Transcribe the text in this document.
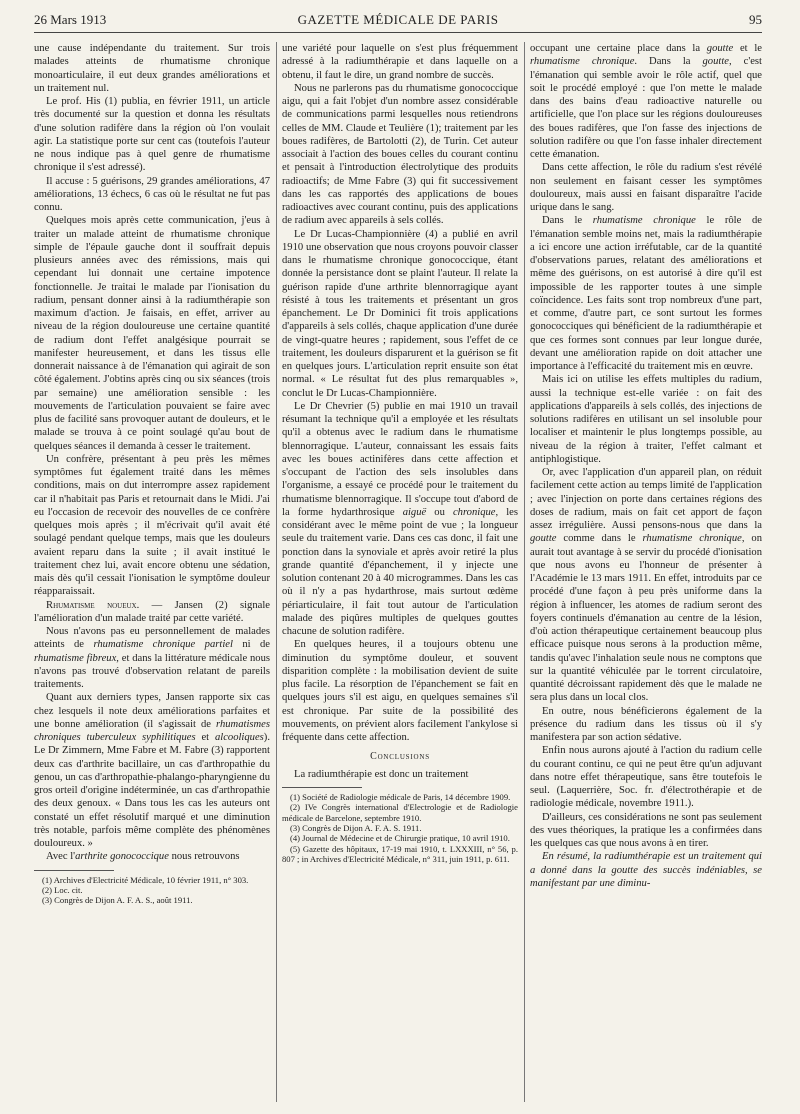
26 Mars 1913	GAZETTE MÉDICALE DE PARIS	95

une cause indépendante du traitement. Sur trois malades atteints de rhumatisme chronique monoarticulaire, il eut deux grandes améliorations et un traitement nul.

Le prof. His (1) publia, en février 1911, un article très documenté sur la question et donna les résultats d'une solution radifère dans la région où l'on voulait agir. La statistique porte sur cent cas (toutefois l'auteur ne nous indique pas à quel genre de rhumatisme chronique il s'est adressé).

Il accuse : 5 guérisons, 29 grandes améliorations, 47 améliorations, 13 échecs, 6 cas où le résultat ne fut pas connu.

Quelques mois après cette communication, j'eus à traiter un malade atteint de rhumatisme chronique simple de l'épaule gauche dont il souffrait depuis plusieurs années avec des rémissions, mais qui cependant lui donnait une certaine impotence fonctionnelle. Je traitai le malade par l'ionisation du radium, pensant donner ainsi à la radiumthérapie son maximum d'action. Je faisais, en effet, arriver au niveau de la région douloureuse une certaine quantité de radium dont l'effet analgésique pourrait se manifester heureusement, et dans les tissus elle donnerait naissance à de l'émanation qui agirait de son côté également. J'obtins après cinq ou six séances (trois par semaine) une amélioration sensible : les mouvements de l'articulation pouvaient se faire avec plus de facilité sans provoquer autant de douleurs, et le malade se trouva à ce point soulagé qu'au bout de quelques séances il demanda à cesser le traitement.

Un confrère, présentant à peu près les mêmes symptômes fut également traité dans les mêmes conditions, mais on dut interrompre assez rapidement car il n'habitait pas Paris et retournait dans le Midi. J'ai eu l'occasion de recevoir des nouvelles de ce confrère quelques mois après ; il m'écrivait qu'il avait été soulagé pendant quelque temps, mais que les douleurs avaient reparu dans la suite ; il avait institué le traitement chez lui, avait encore obtenu une sédation, mais dès qu'il cessait l'ionisation le symptôme douleur réapparaissait.

Rhumatisme noueux. — Jansen (2) signale l'amélioration d'un malade traité par cette variété.

Nous n'avons pas eu personnellement de malades atteints de rhumatisme chronique partiel ni de rhumatisme fibreux, et dans la littérature médicale nous n'avons pas trouvé d'observation relatant de pareils traitements.

Quant aux derniers types, Jansen rapporte six cas chez lesquels il note deux améliorations parfaites et une bonne amélioration (il s'agissait de rhumatismes chroniques tuberculeux syphilitiques et alcooliques). Le Dr Zimmern, Mme Fabre et M. Fabre (3) rapportent deux cas d'arthrite bacillaire, un cas d'arthropathie du genou, un cas d'arthropathie-phalango-pharyngienne du gros orteil d'origine indéterminée, un cas d'arthropathie des deux genoux. « Dans tous les cas les auteurs ont constaté un effet résolutif marqué et une diminution très notable, parfois même complète des phénomènes douloureux. »

Avec l'arthrite gonococcique nous retrouvons

(1) Archives d'Electricité Médicale, 10 février 1911, n° 303.

(2) Loc. cit.

(3) Congrès de Dijon A. F. A. S., août 1911.

une variété pour laquelle on s'est plus fréquemment adressé à la radiumthérapie et dans laquelle on a obtenu, il faut le dire, un grand nombre de succès.

Nous ne parlerons pas du rhumatisme gonococcique aigu, qui a fait l'objet d'un nombre assez considérable de communications parmi lesquelles nous retiendrons celles de MM. Claude et Teulière (1); traitement par les boues radifères, de Bartolotti (2), de Turin. Cet auteur associait à l'action des boues celles du courant continu et pensait à l'introduction électrolytique des produits radioactifs; de Mme Fabre (3) qui fit successivement dans les cas rapportés des applications de boues radioactives avec courant continu, puis des applications de radium avec appareils à sels collés.

Le Dr Lucas-Championnière (4) a publié en avril 1910 une observation que nous croyons pouvoir classer dans le rhumatisme chronique gonococcique, étant donnée la persistance dont se plaint l'auteur. Il relate la guérison rapide d'une arthrite blennorragique ayant résisté à tous les traitements et présentant un gros épanchement. Le Dr Dominici fit trois applications d'appareils à sels collés, chaque application d'une durée de vingt-quatre heures ; rapidement, sous l'effet de ce traitement, les douleurs disparurent et la guérison se fit en quelques jours. L'articulation reprit ensuite son état normal. « Le résultat fut des plus remarquables », conclut le Dr Lucas-Championnière.

Le Dr Chevrier (5) publie en mai 1910 un travail résumant la technique qu'il a employée et les résultats qu'il a obtenus avec le radium dans le rhumatisme blennorragique. L'auteur, connaissant les essais faits avec les boues actinifères dans cette affection et s'occupant de l'action des sels insolubles dans l'organisme, a essayé ce procédé pour le traitement du rhumatisme blennorragique. Il s'occupe tout d'abord de la forme hydarthrosique aiguë ou chronique, les considérant avec le même point de vue ; la longueur seule du traitement varie. Dans ces cas donc, il fait une ponction dans la synoviale et après avoir retiré la plus grande quantité d'épanchement, il y injecte une solution contenant 20 à 40 microgrammes. Dans les cas où il n'y a pas hydarthrose, mais surtout œdème périarticulaire, il fait tout autour de l'articulation malade des piqûres multiples de quelques gouttes chacune de solution radifère.

En quelques heures, il a toujours obtenu une diminution du symptôme douleur, et souvent disparition complète : la mobilisation devient de suite plus facile. La résorption de l'épanchement se fait en quelques jours s'il est aigu, en quelques semaines s'il est chronique. Par suite de la possibilité des mouvements, on prévient alors facilement l'ankylose si fréquente dans cette affection.

Conclusions

La radiumthérapie est donc un traitement

(1) Société de Radiologie médicale de Paris, 14 décembre 1909.

(2) IVe Congrès international d'Electrologie et de Radiologie médicale de Barcelone, septembre 1910.

(3) Congrès de Dijon A. F. A. S. 1911.

(4) Journal de Médecine et de Chirurgie pratique, 10 avril 1910.

(5) Gazette des hôpitaux, 17-19 mai 1910, t. LXXXIII, n° 56, p. 807 ; in Archives d'Electricité Médicale, n° 311, juin 1911, p. 611.

occupant une certaine place dans la goutte et le rhumatisme chronique. Dans la goutte, c'est l'émanation qui semble avoir le rôle actif, quel que soit le procédé employé : que l'on mette le malade dans des bains d'eau radioactive naturelle ou artificielle, que l'on place sur les régions douloureuses des boues radifères, que l'on fasse des injections de solution radifère ou que l'on fasse inhaler directement cette émanation.

Dans cette affection, le rôle du radium s'est révélé non seulement en faisant cesser les symptômes douloureux, mais aussi en faisant disparaître l'acide urique dans le sang.

Dans le rhumatisme chronique le rôle de l'émanation semble moins net, mais la radiumthérapie a ici encore une action irréfutable, car de la quantité d'observations parues, relatant des améliorations et même des guérisons, on est autorisé à dire qu'il est impossible de les rapporter toutes à une simple coïncidence. Les faits sont trop nombreux d'une part, et comme, d'autre part, ce sont surtout les formes gonococciques qui bénéficient de la radiumthérapie et que ces formes sont connues par leur longue durée, devant une amélioration rapide on doit attacher une importance à l'efficacité du traitement mis en œuvre.

Mais ici on utilise les effets multiples du radium, aussi la technique est-elle variée : on fait des applications d'appareils à sels collés, des injections de solutions radifères en utilisant un sel insoluble pour localiser et maintenir le plus longtemps possible, au niveau de la région à traiter, l'effet calmant et antiphlogistique.

Or, avec l'application d'un appareil plan, on réduit facilement cette action au temps limité de l'application ; avec l'injection on porte dans certaines régions des doses de radium, mais on fait cet apport de façon assez irrégulière. Aussi pensons-nous que dans la goutte comme dans le rhumatisme chronique, on aurait tout avantage à se servir du procédé d'ionisation que nous avons eu l'honneur de présenter à l'Académie le 13 mars 1911. En effet, introduits par ce procédé d'une façon à peu près uniforme dans la région à influencer, les atomes de radium seront des foyers continuels d'émanation au centre de la lésion, d'où action thérapeutique certainement beaucoup plus efficace puisque nous serons à la production même, tandis qu'avec l'inhalation seule nous ne comptons que sur la quantité véhiculée par le torrent circulatoire, quantité décroissant rapidement dès que le malade ne sera plus dans un local clos.

En outre, nous bénéficierons également de la présence du radium dans les tissus où il s'y manifestera par son action sédative.

Enfin nous aurons ajouté à l'action du radium celle du courant continu, ce qui ne peut être qu'un adjuvant dans notre effet thérapeutique, sans être toutefois le seul. (Laquerrière, Soc. fr. d'électrothérapie et de radiologie médicale, novembre 1911.).

D'ailleurs, ces considérations ne sont pas seulement des vues théoriques, la pratique les a confirmées dans les quelques cas que nous avons à en tirer.

En résumé, la radiumthérapie est un traitement qui a donné dans la goutte des succès indéniables, se manifestant par une diminu-
